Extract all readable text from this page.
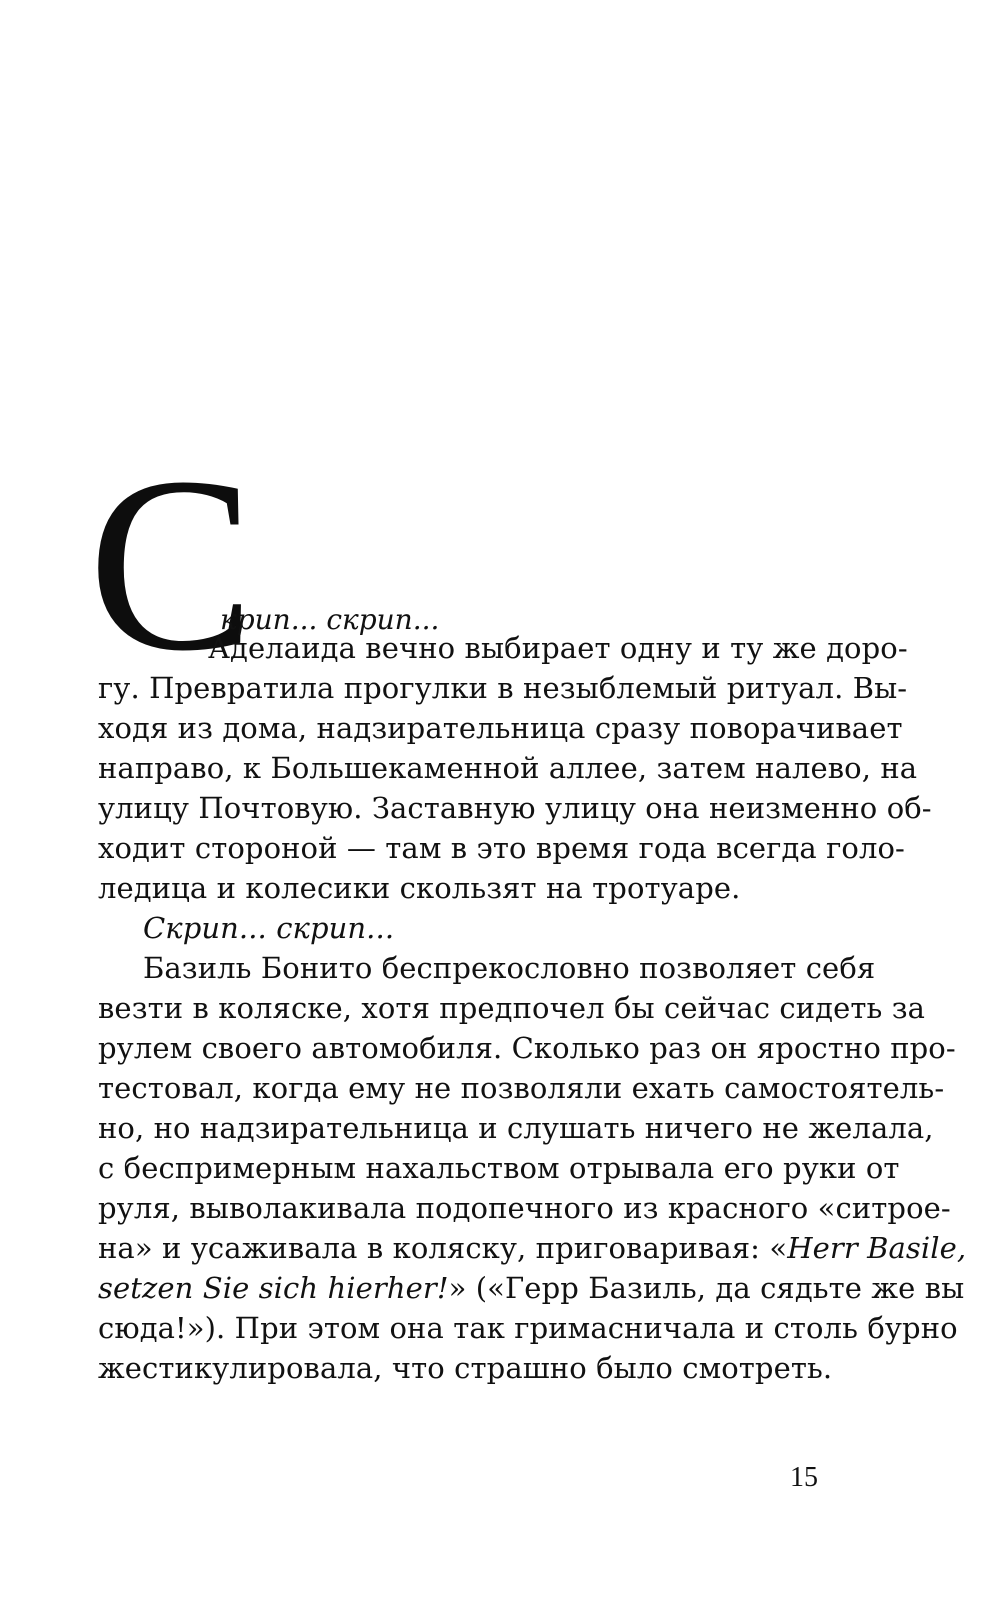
С
крип... скрип...
Аделаида вечно выбирает одну и ту же доро-
гу. Превратила прогулки в незыблемый ритуал. Вы-
ходя из дома, надзирательница сразу поворачивает
направо, к Большекаменной аллее, затем налево, на
улицу Почтовую. Заставную улицу она неизменно об-
ходит стороной — там в это время года всегда голо-
ледица и колесики скользят на тротуаре.
Скрип... скрип...
Базиль Бонито беспрекословно позволяет себя
везти в коляске, хотя предпочел бы сейчас сидеть за
рулем своего автомобиля. Сколько раз он яростно про-
тестовал, когда ему не позволяли ехать самостоятель-
но, но надзирательница и слушать ничего не желала,
с беспримерным нахальством отрывала его руки от
руля, выволакивала подопечного из красного «ситрое-
на» и усаживала в коляску, приговаривая: «Herr Basile,
setzen Sie sich hierher!» («Герр Базиль, да сядьте же вы
сюда!»). При этом она так гримасничала и столь бурно
жестикулировала, что страшно было смотреть.
15
